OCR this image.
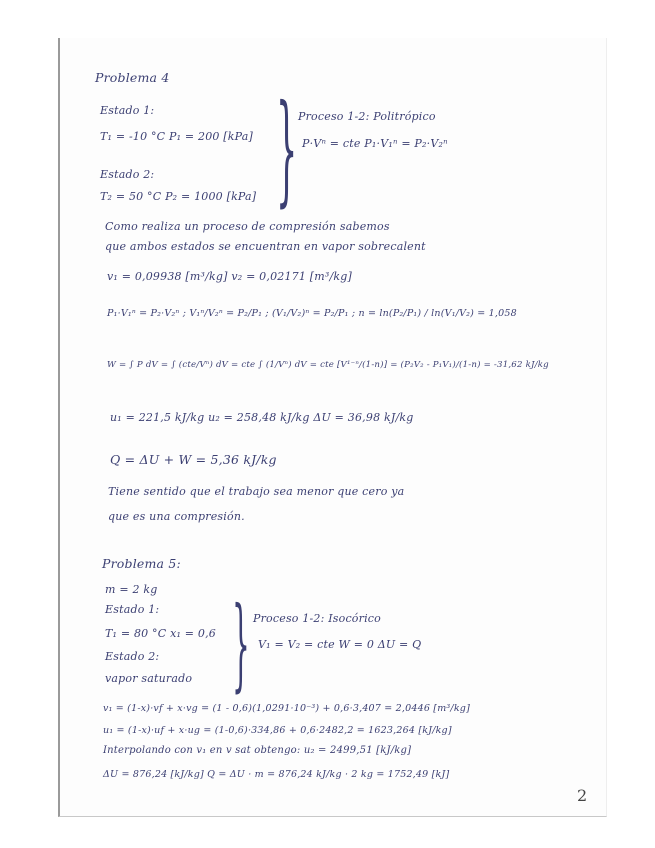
Problema 4
Estado 1:
T₁ = -10 °C P₁ = 200 [kPa]
Estado 2:
T₂ = 50 °C P₂ = 1000 [kPa] } Proceso 1-2: Politrópico
P·Vⁿ = cte P₁·V₁ⁿ = P₂·V₂ⁿ
Como realiza un proceso de compresión sabemos
que ambos estados se encuentran en vapor sobrecalent
v₁ = 0,09938 [m³/kg] v₂ = 0,02171 [m³/kg]
P₁·V₁ⁿ = P₂·V₂ⁿ ; V₁ⁿ/V₂ⁿ = P₂/P₁ ; (V₁/V₂)ⁿ = P₂/P₁ ; n = ln(P₂/P₁) / ln(V₁/V₂) = 1,058
W = ∫ P dV = ∫ (cte/Vⁿ) dV = cte ∫ (1/Vⁿ) dV = cte [V¹⁻ⁿ/(1-n)] = (P₂V₂ - P₁V₁)/(1-n) = -31,62 kJ/kg
u₁ = 221,5 kJ/kg u₂ = 258,48 kJ/kg ΔU = 36,98 kJ/kg
Q = ΔU + W = 5,36 kJ/kg
Tiene sentido que el trabajo sea menor que cero ya
que es una compresión.
Problema 5:
m = 2 kg
Estado 1:
T₁ = 80 °C x₁ = 0,6
Estado 2:
vapor saturado } Proceso 1-2: Isocórico
V₁ = V₂ = cte W = 0 ΔU = Q
v₁ = (1-x)·vf + x·vg = (1 - 0,6)(1,0291·10⁻³) + 0,6·3,407 = 2,0446 [m³/kg]
u₁ = (1-x)·uf + x·ug = (1-0,6)·334,86 + 0,6·2482,2 = 1623,264 [kJ/kg]
Interpolando con v₁ en v sat obtengo: u₂ = 2499,51 [kJ/kg]
ΔU = 876,24 [kJ/kg] Q = ΔU · m = 876,24 kJ/kg · 2 kg = 1752,49 [kJ]
2
